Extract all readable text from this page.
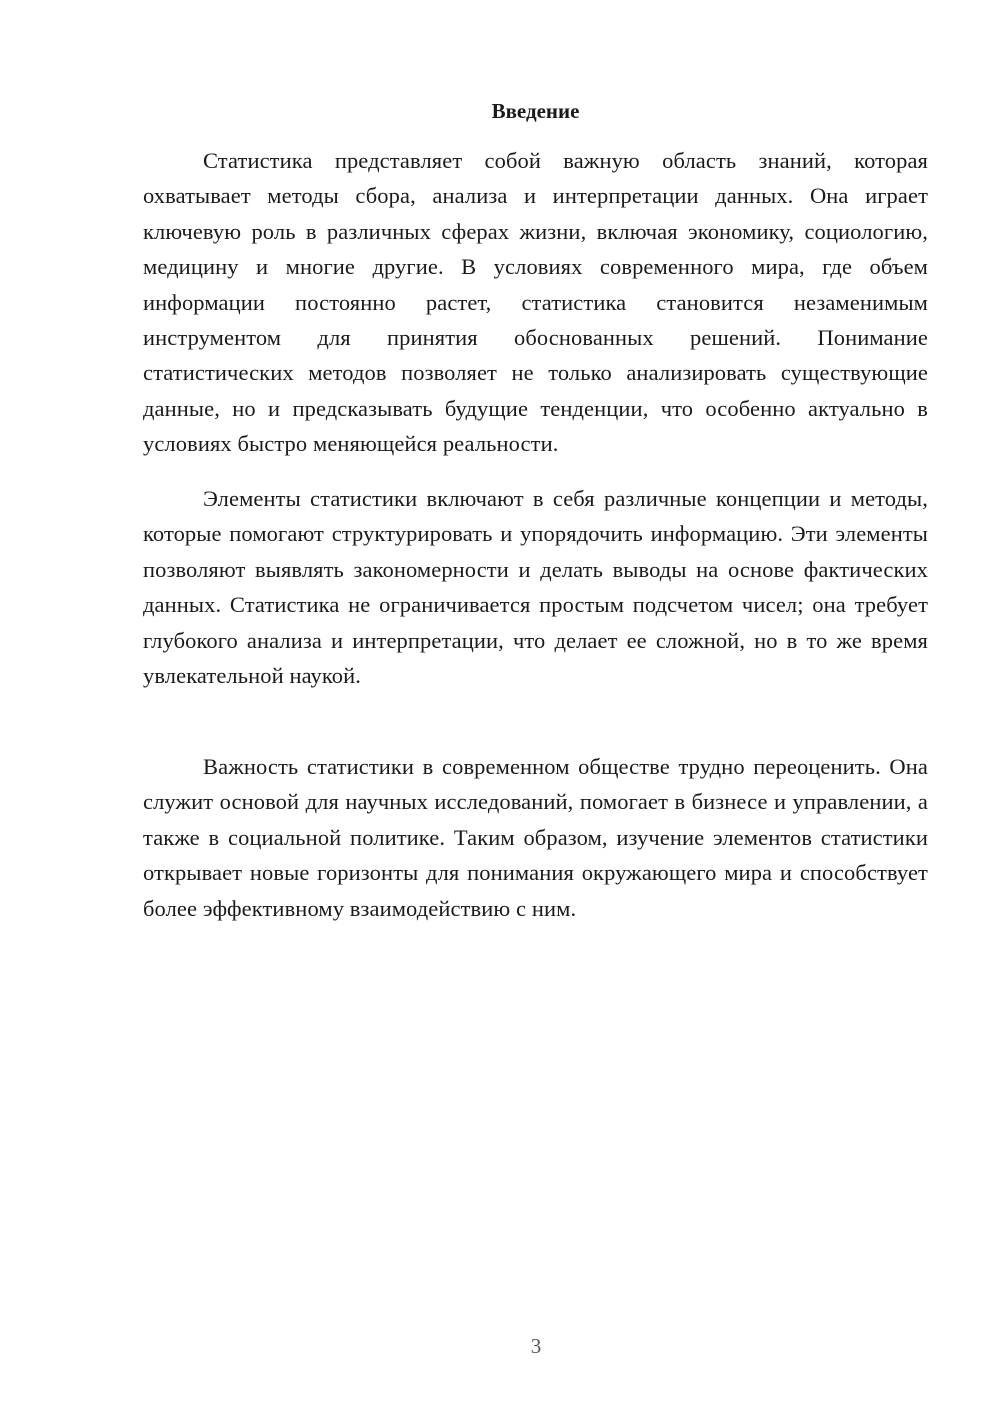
Введение

Статистика представляет собой важную область знаний, которая охватывает методы сбора, анализа и интерпретации данных. Она играет ключевую роль в различных сферах жизни, включая экономику, социологию, медицину и многие другие. В условиях современного мира, где объем информации постоянно растет, статистика становится незаменимым инструментом для принятия обоснованных решений. Понимание статистических методов позволяет не только анализировать существующие данные, но и предсказывать будущие тенденции, что особенно актуально в условиях быстро меняющейся реальности.

Элементы статистики включают в себя различные концепции и методы, которые помогают структурировать и упорядочить информацию. Эти элементы позволяют выявлять закономерности и делать выводы на основе фактических данных. Статистика не ограничивается простым подсчетом чисел; она требует глубокого анализа и интерпретации, что делает ее сложной, но в то же время увлекательной наукой.

Важность статистики в современном обществе трудно переоценить. Она служит основой для научных исследований, помогает в бизнесе и управлении, а также в социальной политике. Таким образом, изучение элементов статистики открывает новые горизонты для понимания окружающего мира и способствует более эффективному взаимодействию с ним.

3
